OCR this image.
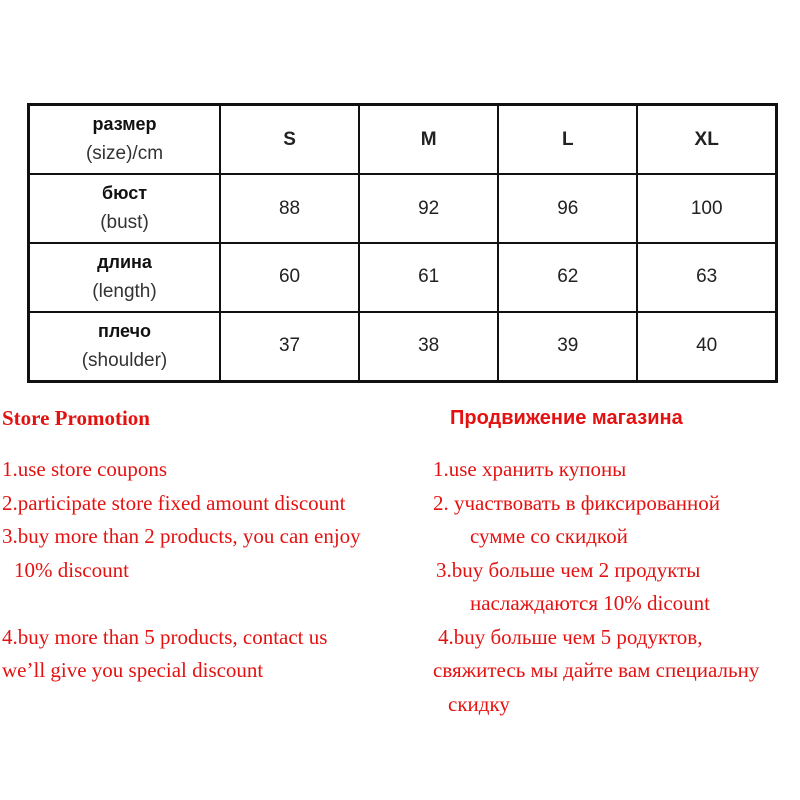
размер
(size)/cm	S	M	L	XL

бюст
(bust)	88	92	96	100

длина
(length)	60	61	62	63

плечо
(shoulder)	37	38	39	40
Store Promotion
1.use store coupons
2.participate store fixed amount discount
3.buy more than 2 products, you can enjoy
10% discount
4.buy more than 5 products, contact us
we’ll give you special discount
Продвижение магазина
1.use хранить купоны
2. участвовать в фиксированной
сумме со скидкой
3.buy больше чем 2 продукты
наслаждаются 10% dicount
4.buy больше чем 5 родуктов,
свяжитесь мы дайте вам специальну
скидку
